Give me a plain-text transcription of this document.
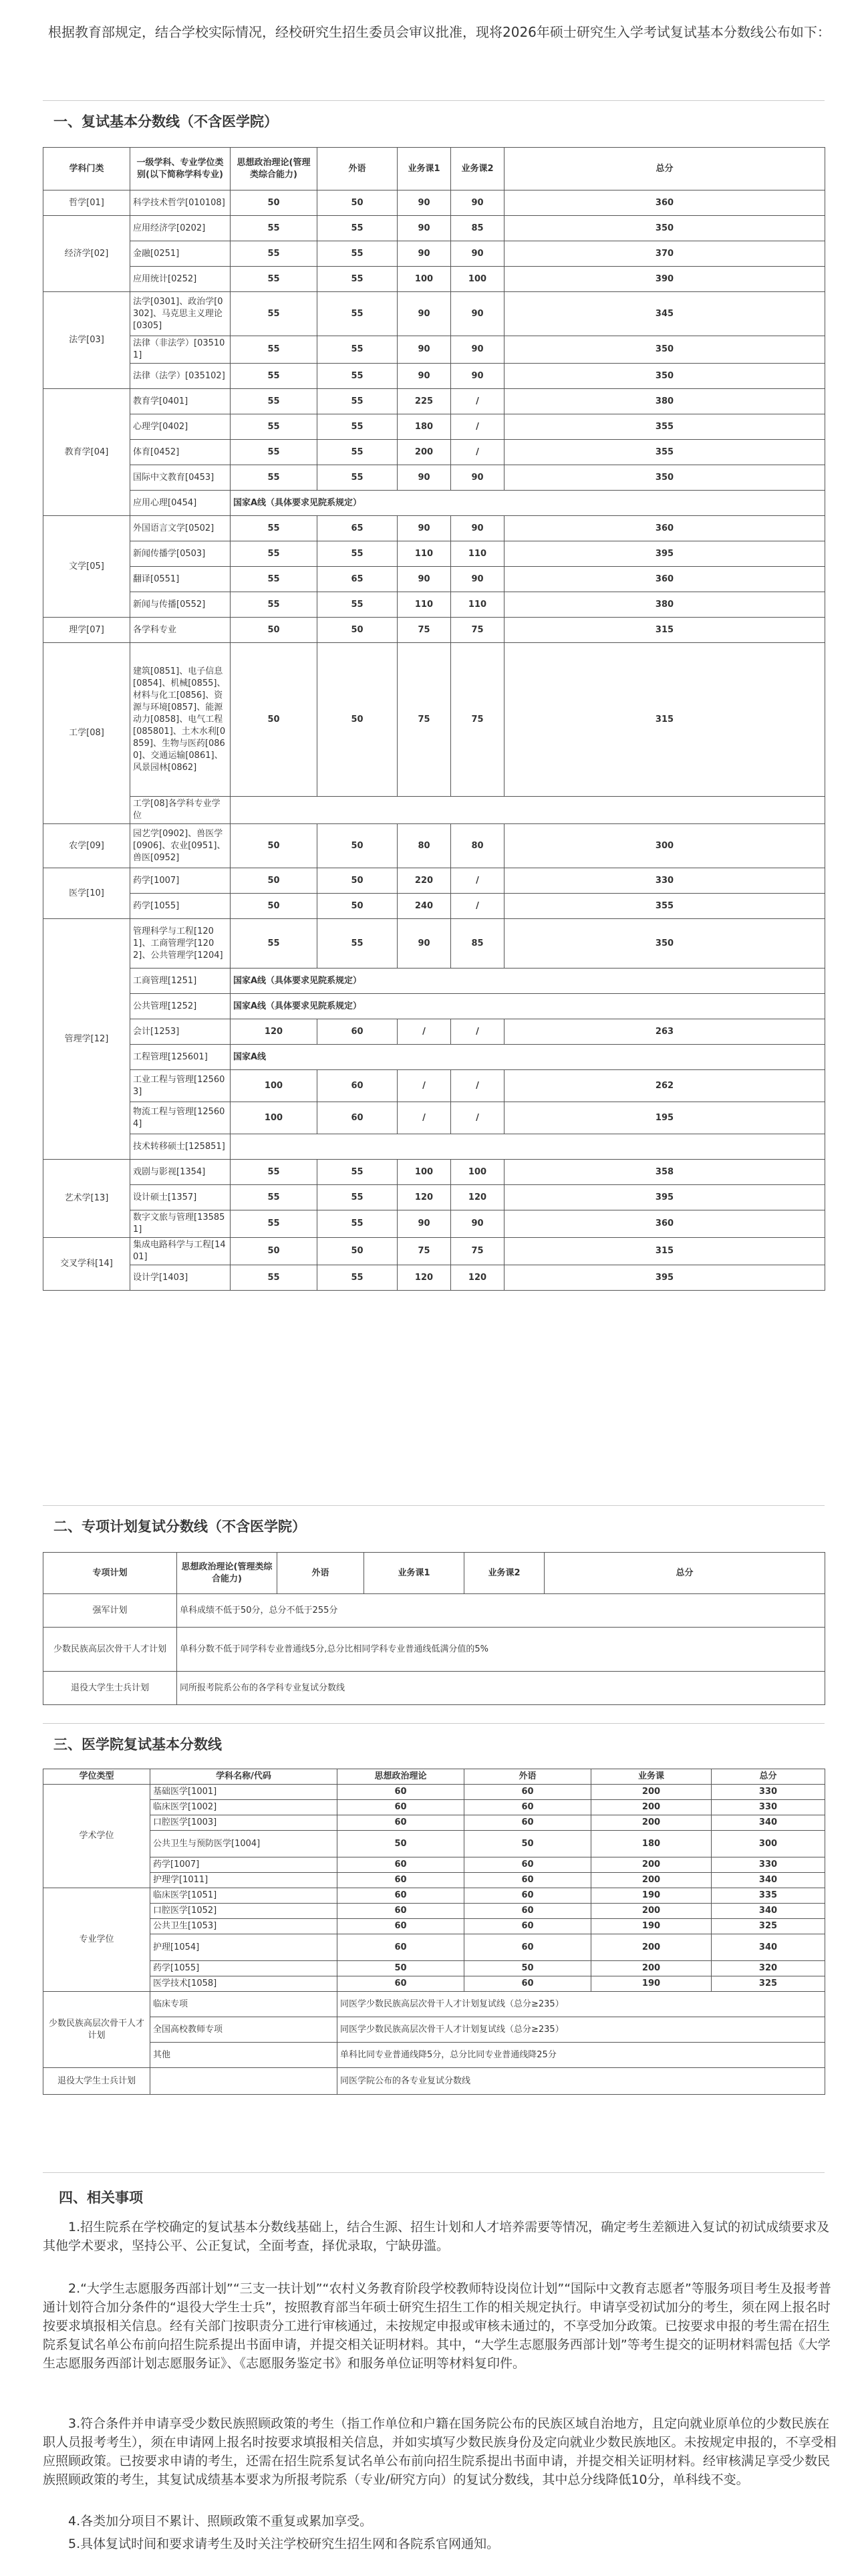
根据教育部规定，结合学校实际情况，经校研究生招生委员会审议批准，现将2026年硕士研究生入学考试复试基本分数线公布如下：

一、复试基本分数线（不含医学院）
学科门类	一级学科、专业学位类别(以下简称学科专业)	思想政治理论(管理类综合能力)	外语	业务课1	业务课2	总分
哲学[01]	科学技术哲学[010108]	50	50	90	90	360
经济学[02]	应用经济学[0202]	55	55	90	85	350
	金融[0251]	55	55	90	90	370
	应用统计[0252]	55	55	100	100	390
法学[03]	法学[0301]、政治学[0302]、马克思主义理论[0305]	55	55	90	90	345
	法律（非法学）[035101]	55	55	90	90	350
	法律（法学）[035102]	55	55	90	90	350
教育学[04]	教育学[0401]	55	55	225	/	380
	心理学[0402]	55	55	180	/	355
	体育[0452]	55	55	200	/	355
	国际中文教育[0453]	55	55	90	90	350
	应用心理[0454]	国家A线（具体要求见院系规定）				
文学[05]	外国语言文学[0502]	55	65	90	90	360
	新闻传播学[0503]	55	55	110	110	395
	翻译[0551]	55	65	90	90	360
	新闻与传播[0552]	55	55	110	110	380
理学[07]	各学科专业	50	50	75	75	315
工学[08]	建筑[0851]、电子信息[0854]、机械[0855]、材料与化工[0856]、资源与环境[0857]、能源动力[0858]、电气工程[085801]、土木水利[0859]、生物与医药[0860]、交通运输[0861]、风景园林[0862]	50	50	75	75	315
	工学[08]各学科专业学位					
农学[09]	园艺学[0902]、兽医学[0906]、农业[0951]、兽医[0952]	50	50	80	80	300
医学[10]	药学[1007]	50	50	220	/	330
	药学[1055]	50	50	240	/	355
管理学[12]	管理科学与工程[1201]、工商管理学[1202]、公共管理学[1204]	55	55	90	85	350
	工商管理[1251]	国家A线（具体要求见院系规定）				
	公共管理[1252]	国家A线（具体要求见院系规定）				
	会计[1253]	120	60	/	/	263
	工程管理[125601]	国家A线				
	工业工程与管理[125603]	100	60	/	/	262
	物流工程与管理[125604]	100	60	/	/	195
	技术转移硕士[125851]					
艺术学[13]	戏剧与影视[1354]	55	55	100	100	358
	设计硕士[1357]	55	55	120	120	395
	数字文旅与管理[135851]	55	55	90	90	360
交叉学科[14]	集成电路科学与工程[1401]	50	50	75	75	315
	设计学[1403]	55	55	120	120	395
二、专项计划复试分数线（不含医学院）
专项计划	思想政治理论(管理类综合能力)	外语	业务课1	业务课2	总分
强军计划	单科成绩不低于50分，总分不低于255分				
少数民族高层次骨干人才计划	单科分数不低于同学科专业普通线5分,总分比相同学科专业普通线低满分值的5%				
退役大学生士兵计划	同所报考院系公布的各学科专业复试分数线				
三、医学院复试基本分数线
学位类型	学科名称/代码	思想政治理论	外语	业务课	总分
学术学位	基础医学[1001]	60	60	200	330
	临床医学[1002]	60	60	200	330
	口腔医学[1003]	60	60	200	340
	公共卫生与预防医学[1004]	50	50	180	300
	药学[1007]	60	60	200	330
	护理学[1011]	60	60	200	340
专业学位	临床医学[1051]	60	60	190	335
	口腔医学[1052]	60	60	200	340
	公共卫生[1053]	60	60	190	325
	护理[1054]	60	60	200	340
	药学[1055]	50	50	200	320
	医学技术[1058]	60	60	190	325
少数民族高层次骨干人才计划	临床专项	同医学少数民族高层次骨干人才计划复试线（总分≥235）			
	全国高校教师专项	同医学少数民族高层次骨干人才计划复试线（总分≥235）			
	其他	单科比同专业普通线降5分，总分比同专业普通线降25分			
退役大学生士兵计划		同医学院公布的各专业复试分数线			
四、相关事项

1.招生院系在学校确定的复试基本分数线基础上，结合生源、招生计划和人才培养需要等情况，确定考生差额进入复试的初试成绩要求及其他学术要求，坚持公平、公正复试，全面考查，择优录取，宁缺毋滥。

2.“大学生志愿服务西部计划”“三支一扶计划”“农村义务教育阶段学校教师特设岗位计划”“国际中文教育志愿者”等服务项目考生及报考普通计划符合加分条件的“退役大学生士兵”，按照教育部当年硕士研究生招生工作的相关规定执行。申请享受初试加分的考生，须在网上报名时按要求填报相关信息。经有关部门按职责分工进行审核通过，未按规定申报或审核未通过的，不享受加分政策。已按要求申报的考生需在招生院系复试名单公布前向招生院系提出书面申请，并提交相关证明材料。其中，“大学生志愿服务西部计划”等考生提交的证明材料需包括《大学生志愿服务西部计划志愿服务证》、《志愿服务鉴定书》和服务单位证明等材料复印件。

3.符合条件并申请享受少数民族照顾政策的考生（指工作单位和户籍在国务院公布的民族区域自治地方，且定向就业原单位的少数民族在职人员报考考生），须在申请网上报名时按要求填报相关信息，并如实填写少数民族身份及定向就业少数民族地区。未按规定申报的，不享受相应照顾政策。已按要求申请的考生，还需在招生院系复试名单公布前向招生院系提出书面申请，并提交相关证明材料。经审核满足享受少数民族照顾政策的考生，其复试成绩基本要求为所报考院系（专业/研究方向）的复试分数线，其中总分线降低10分，单科线不变。

4.各类加分项目不累计、照顾政策不重复或累加享受。

5.具体复试时间和要求请考生及时关注学校研究生招生网和各院系官网通知。
